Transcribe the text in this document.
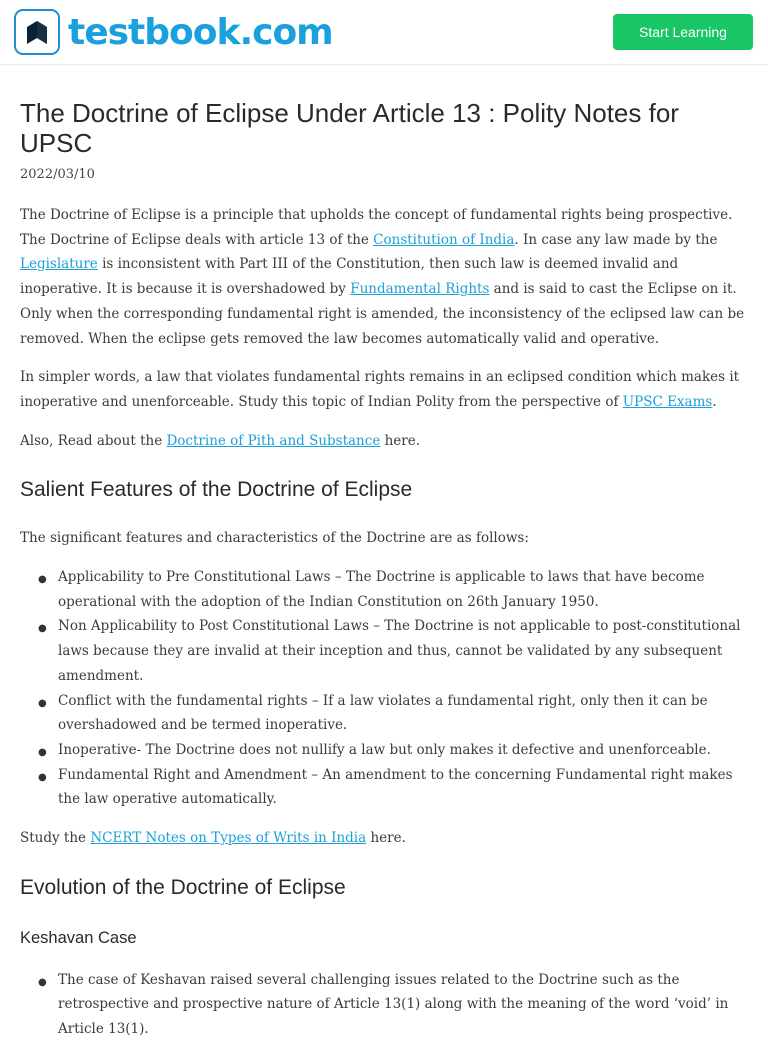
testbook.com	Start Learning
The Doctrine of Eclipse Under Article 13 : Polity Notes for UPSC
2022/03/10

The Doctrine of Eclipse is a principle that upholds the concept of fundamental rights being prospective. The Doctrine of Eclipse deals with article 13 of the Constitution of India. In case any law made by the Legislature is inconsistent with Part III of the Constitution, then such law is deemed invalid and inoperative. It is because it is overshadowed by Fundamental Rights and is said to cast the Eclipse on it. Only when the corresponding fundamental right is amended, the inconsistency of the eclipsed law can be removed. When the eclipse gets removed the law becomes automatically valid and operative.

In simpler words, a law that violates fundamental rights remains in an eclipsed condition which makes it inoperative and unenforceable. Study this topic of Indian Polity from the perspective of UPSC Exams.

Also, Read about the Doctrine of Pith and Substance here.

Salient Features of the Doctrine of Eclipse

The significant features and characteristics of the Doctrine are as follows:

● Applicability to Pre Constitutional Laws – The Doctrine is applicable to laws that have become operational with the adoption of the Indian Constitution on 26th January 1950.
● Non Applicability to Post Constitutional Laws – The Doctrine is not applicable to post-constitutional laws because they are invalid at their inception and thus, cannot be validated by any subsequent amendment.
● Conflict with the fundamental rights – If a law violates a fundamental right, only then it can be overshadowed and be termed inoperative.
● Inoperative- The Doctrine does not nullify a law but only makes it defective and unenforceable.
● Fundamental Right and Amendment – An amendment to the concerning Fundamental right makes the law operative automatically.

Study the NCERT Notes on Types of Writs in India here.

Evolution of the Doctrine of Eclipse
Keshavan Case
● The case of Keshavan raised several challenging issues related to the Doctrine such as the retrospective and prospective nature of Article 13(1) along with the meaning of the word ‘void’ in Article 13(1).
